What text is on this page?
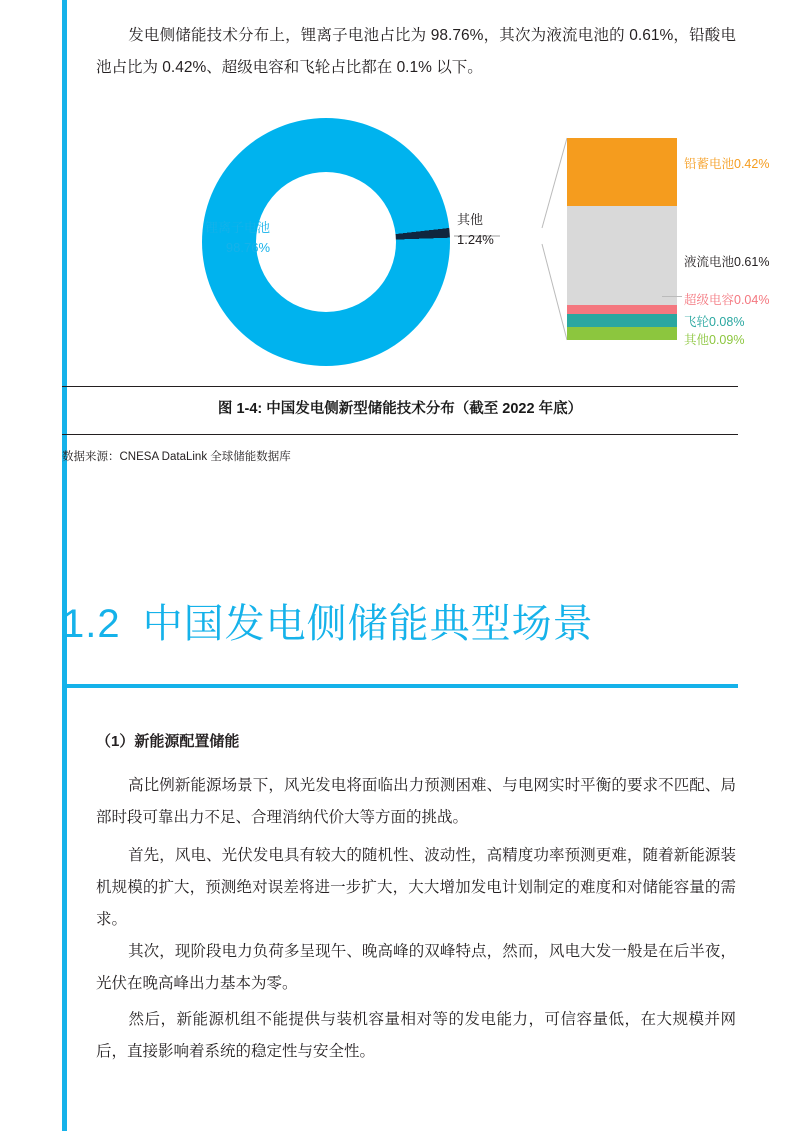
发电侧储能技术分布上，锂离子电池占比为 98.76%，其次为液流电池的 0.61%，铅酸电池占比为 0.42%、超级电容和飞轮占比都在 0.1% 以下。
锂离子电池
98.76%
其他
1.24%
铅蓄电池0.42%
液流电池0.61%
超级电容0.04%
飞轮0.08%
其他0.09%
图 1-4: 中国发电侧新型储能技术分布（截至 2022 年底）
数据来源：CNESA DataLink 全球储能数据库
1.2 中国发电侧储能典型场景
（1）新能源配置储能
高比例新能源场景下，风光发电将面临出力预测困难、与电网实时平衡的要求不匹配、局部时段可靠出力不足、合理消纳代价大等方面的挑战。
首先，风电、光伏发电具有较大的随机性、波动性，高精度功率预测更难，随着新能源装机规模的扩大，预测绝对误差将进一步扩大，大大增加发电计划制定的难度和对储能容量的需求。
其次，现阶段电力负荷多呈现午、晚高峰的双峰特点，然而，风电大发一般是在后半夜，光伏在晚高峰出力基本为零。
然后，新能源机组不能提供与装机容量相对等的发电能力，可信容量低，在大规模并网后，直接影响着系统的稳定性与安全性。
